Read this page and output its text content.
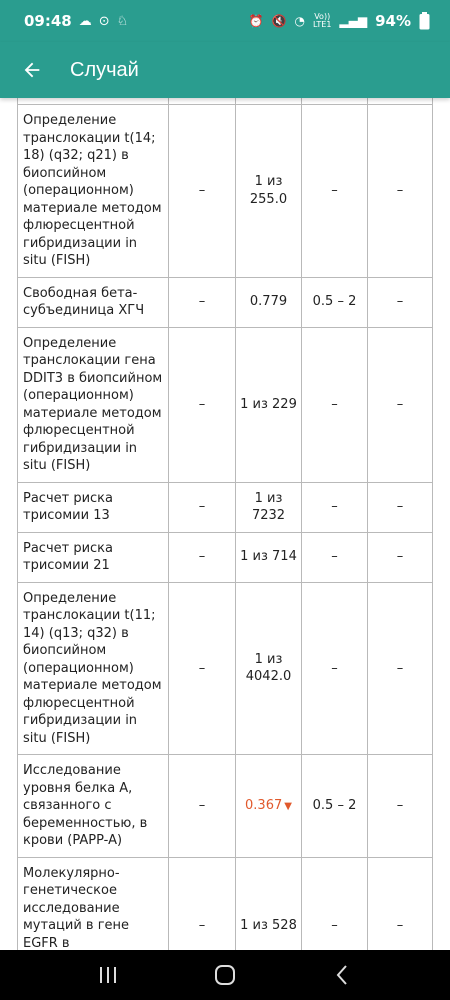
09:48 ☁ ⊙ ♘	⏰ 🔇 ◔ Vo))
LTE1 ▂▄▆ 94%
Случай

Определение транслокации t(14; 18) (q32; q21) в биопсийном (операционном) материале методом флюресцентной гибридизации in situ (FISH)	–	1 из 255.0	–	–
Свободная бета-субъединица ХГЧ	–	0.779	0.5 – 2	–
Определение транслокации гена DDIT3 в биопсийном (операционном) материале методом флюресцентной гибридизации in situ (FISH)	–	1 из 229	–	–
Расчет риска трисомии 13	–	1 из 7232	–	–
Расчет риска трисомии 21	–	1 из 714	–	–
Определение транслокации t(11; 14) (q13; q32) в биопсийном (операционном) материале методом флюресцентной гибридизации in situ (FISH)	–	1 из 4042.0	–	–
Исследование уровня белка А, связанного с беременностью, в крови (PAPP-A)	–	0.367 ▼	0.5 – 2	–
Молекулярно-генетическое исследование мутаций в гене EGFR в	–	1 из 528	–	–
